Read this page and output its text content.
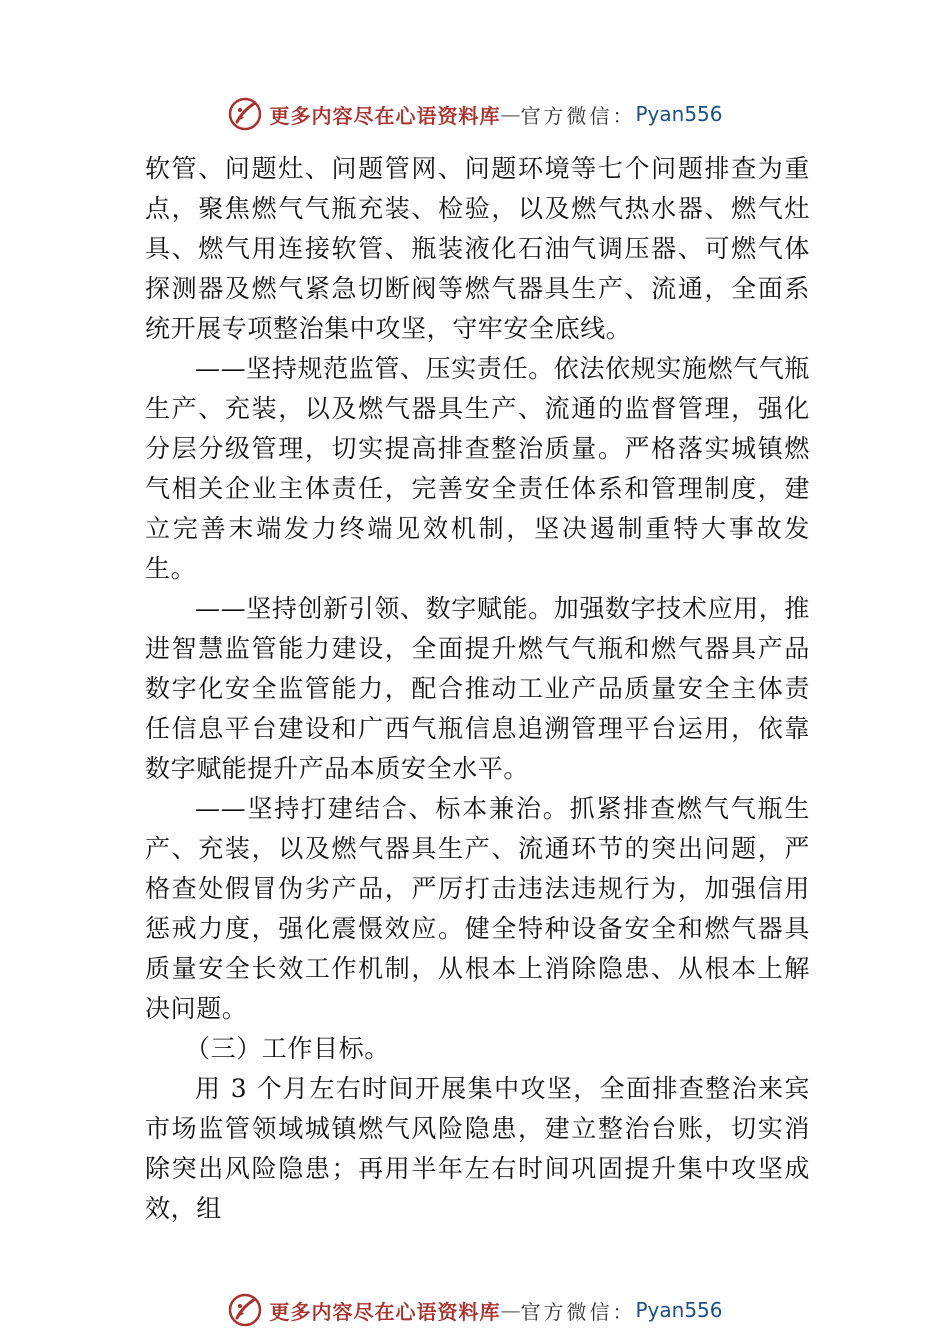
更多内容尽在心语资料库 — 官方微信： Pyan556

软管、问题灶、问题管网、问题环境等七个问题排查为重点，聚焦燃气气瓶充装、检验，以及燃气热水器、燃气灶具、燃气用连接软管、瓶装液化石油气调压器、可燃气体探测器及燃气紧急切断阀等燃气器具生产、流通，全面系统开展专项整治集中攻坚，守牢安全底线。

——坚持规范监管、压实责任。依法依规实施燃气气瓶生产、充装，以及燃气器具生产、流通的监督管理，强化分层分级管理，切实提高排查整治质量。严格落实城镇燃气相关企业主体责任，完善安全责任体系和管理制度，建立完善末端发力终端见效机制，坚决遏制重特大事故发生。

——坚持创新引领、数字赋能。加强数字技术应用，推进智慧监管能力建设，全面提升燃气气瓶和燃气器具产品数字化安全监管能力，配合推动工业产品质量安全主体责任信息平台建设和广西气瓶信息追溯管理平台运用，依靠数字赋能提升产品本质安全水平。

——坚持打建结合、标本兼治。抓紧排查燃气气瓶生产、充装，以及燃气器具生产、流通环节的突出问题，严格查处假冒伪劣产品，严厉打击违法违规行为，加强信用惩戒力度，强化震慑效应。健全特种设备安全和燃气器具质量安全长效工作机制，从根本上消除隐患、从根本上解决问题。

（三）工作目标。

用 3 个月左右时间开展集中攻坚，全面排查整治来宾市场监管领域城镇燃气风险隐患，建立整治台账，切实消除突出风险隐患；再用半年左右时间巩固提升集中攻坚成效，组

更多内容尽在心语资料库 — 官方微信： Pyan556
